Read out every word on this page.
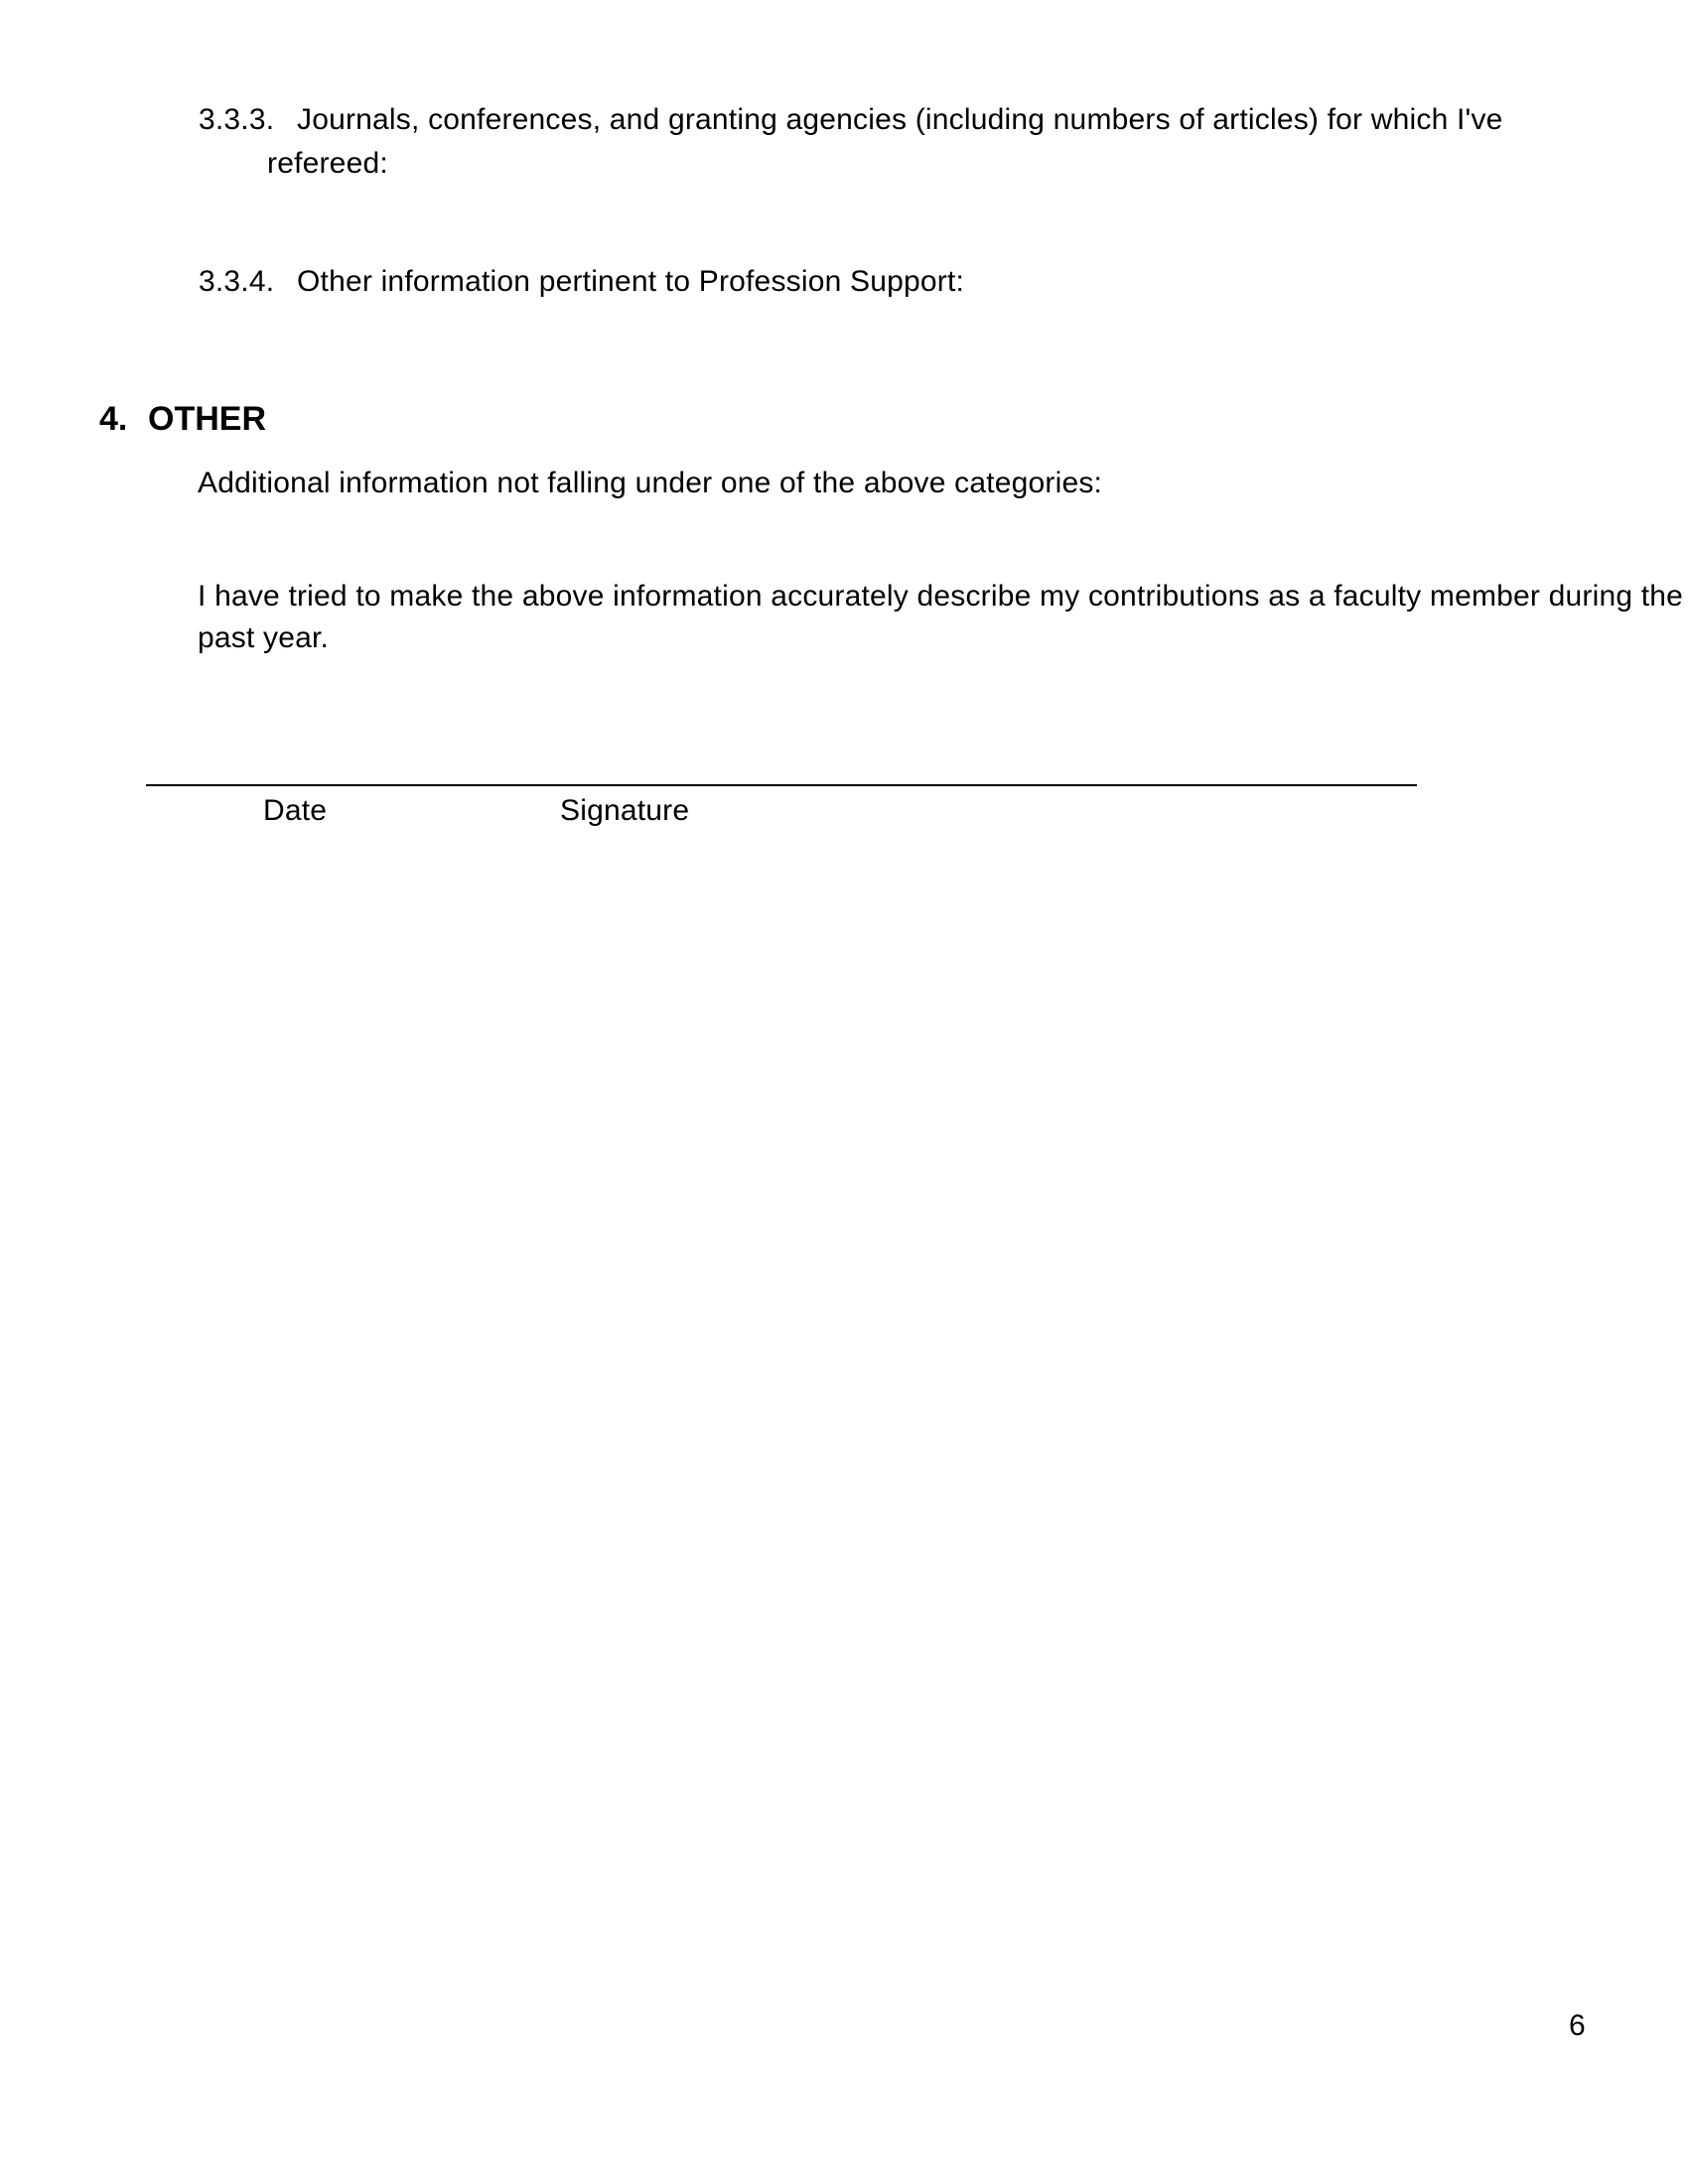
3.3.3. Journals, conferences, and granting agencies (including numbers of articles) for which I've
refereed:
3.3.4. Other information pertinent to Profession Support:
4. OTHER
Additional information not falling under one of the above categories:
I have tried to make the above information accurately describe my contributions as a faculty member during the
past year.
Date	Signature
6
